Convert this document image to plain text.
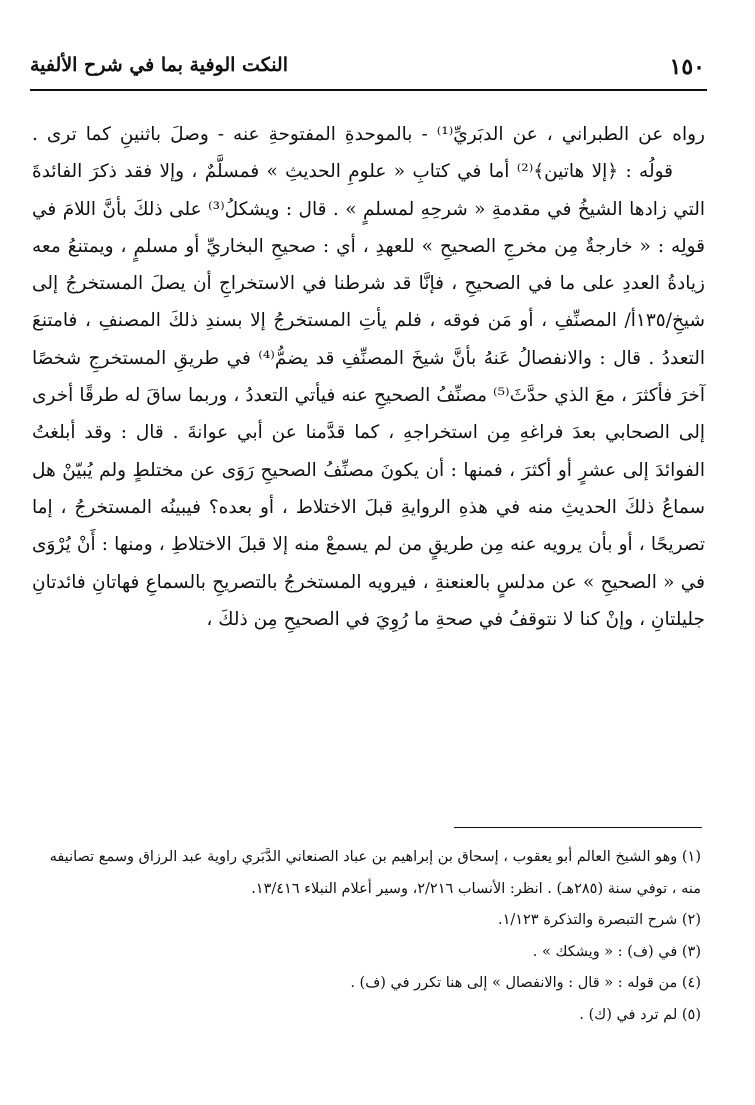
١٥٠
النكت الوفية بما في شرح الألفية

رواه عن الطبراني ، عن الدبَريِّ⁽¹⁾ - بالموحدةِ المفتوحةِ عنه - وصلَ باثنينِ كما ترى .

قولُه : ﴿إلا هاتين﴾⁽²⁾ أما في كتابِ « علومِ الحديثِ » فمسلَّمٌ ، وإلا فقد ذكرَ الفائدةَ التي زادها الشيخُ في مقدمةِ « شرحِهِ لمسلمٍ » . قال : ويشكلُ⁽³⁾ على ذلكَ بأنَّ اللامَ في قولِه : « خارجةٌ مِن مخرجِ الصحيحِ » للعهدِ ، أي : صحيحِ البخاريِّ أو مسلمٍ ، ويمتنعُ معه زيادةُ العددِ على ما في الصحيحِ ، فإنَّا قد شرطنا في الاستخراجِ أن يصلَ المستخرجُ إلى شيخِ/١٣٥أ/ المصنِّفِ ، أو مَن فوقه ، فلم يأتِ المستخرجُ إلا بسندِ ذلكَ المصنفِ ، فامتنعَ التعددُ . قال : والانفصالُ عَنهُ بأنَّ شيخَ المصنِّفِ قد يضمُّ⁽⁴⁾ في طريقِ المستخرجِ شخصًا آخرَ فأكثرَ ، معَ الذي حدَّثَ⁽⁵⁾ مصنِّفُ الصحيحِ عنه فيأتي التعددُ ، وربما ساقَ له طرقًا أخرى إلى الصحابي بعدَ فراغهِ مِن استخراجهِ ، كما قدَّمنا عن أبي عوانةَ . قال : وقد أبلغتُ الفوائدَ إلى عشرٍ أو أكثرَ ، فمنها : أن يكونَ مصنِّفُ الصحيحِ رَوَى عن مختلطٍ ولم يُبيّنْ هل سماعُ ذلكَ الحديثِ منه في هذهِ الروايةِ قبلَ الاختلاط ، أو بعده؟ فيبينُه المستخرجُ ، إما تصريحًا ، أو بأن يرويه عنه مِن طريقٍ من لم يسمعْ منه إلا قبلَ الاختلاطِ ، ومنها : أَنْ يُرْوَى في « الصحيحِ » عن مدلسٍ بالعنعنةِ ، فيرويه المستخرجُ بالتصريحِ بالسماعِ فهاتانِ فائدتانِ جليلتانِ ، وإنْ كنا لا نتوقفُ في صحةِ ما رُوِيَ في الصحيحِ مِن ذلكَ ،

(١) وهو الشيخ العالم أبو يعقوب ، إسحاق بن إبراهيم بن عباد الصنعاني الدَّبَري راوية عبد الرزاق وسمع تصانيفه منه ، توفي سنة (٢٨٥هـ) . انظر: الأنساب ٢/٢١٦، وسير أعلام النبلاء ١٣/٤١٦.

(٢) شرح التبصرة والتذكرة ١/١٢٣.

(٣) في (ف) : « ويشكك » .

(٤) من قوله : « قال : والانفصال » إلى هنا تكرر في (ف) .

(٥) لم ترد في (ك) .
